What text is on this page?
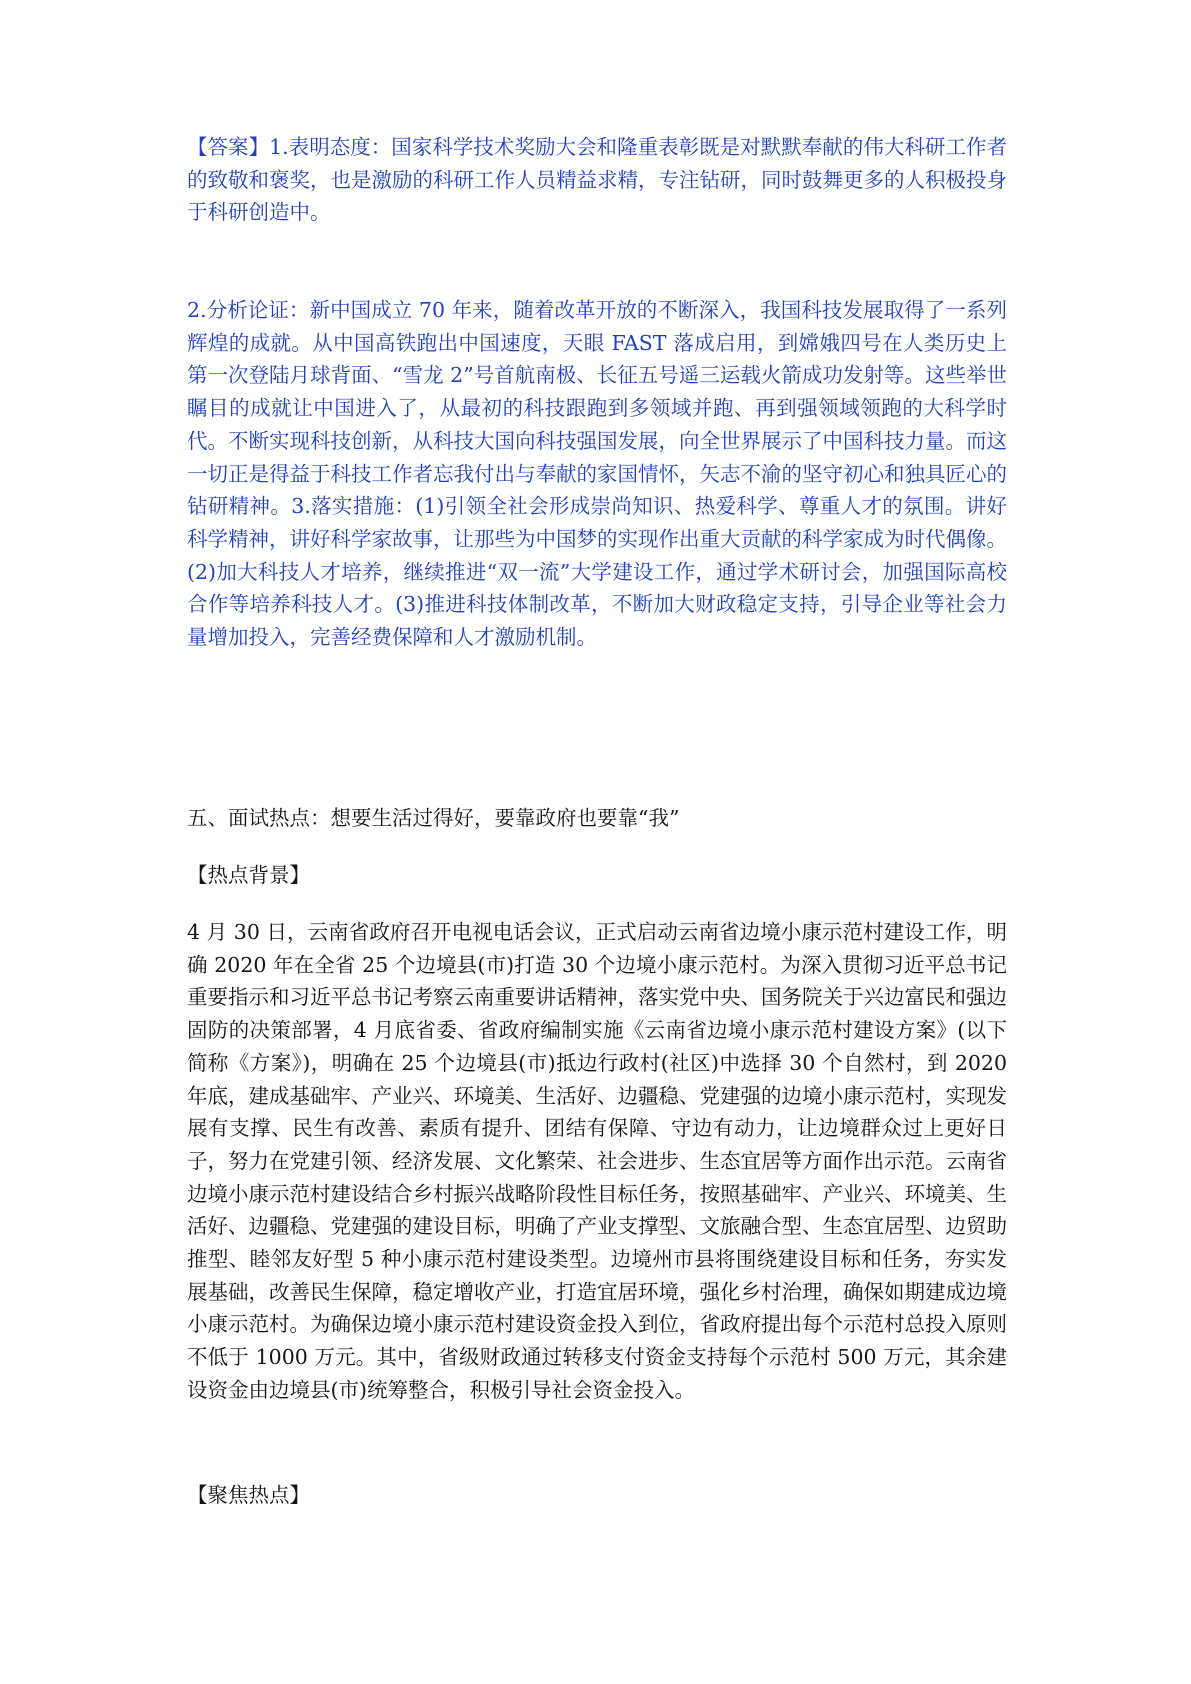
【答案】1.表明态度：国家科学技术奖励大会和隆重表彰既是对默默奉献的伟大科研工作者的致敬和褒奖，也是激励的科研工作人员精益求精，专注钻研，同时鼓舞更多的人积极投身于科研创造中。

2.分析论证：新中国成立 70 年来，随着改革开放的不断深入，我国科技发展取得了一系列辉煌的成就。从中国高铁跑出中国速度，天眼 FAST 落成启用，到嫦娥四号在人类历史上第一次登陆月球背面、“雪龙 2”号首航南极、长征五号遥三运载火箭成功发射等。这些举世瞩目的成就让中国进入了，从最初的科技跟跑到多领域并跑、再到强领域领跑的大科学时代。不断实现科技创新，从科技大国向科技强国发展，向全世界展示了中国科技力量。而这一切正是得益于科技工作者忘我付出与奉献的家国情怀，矢志不渝的坚守初心和独具匠心的钻研精神。3.落实措施：(1)引领全社会形成崇尚知识、热爱科学、尊重人才的氛围。讲好科学精神，讲好科学家故事，让那些为中国梦的实现作出重大贡献的科学家成为时代偶像。(2)加大科技人才培养，继续推进“双一流”大学建设工作，通过学术研讨会，加强国际高校合作等培养科技人才。(3)推进科技体制改革，不断加大财政稳定支持，引导企业等社会力量增加投入，完善经费保障和人才激励机制。

五、面试热点：想要生活过得好，要靠政府也要靠“我”

【热点背景】

4 月 30 日，云南省政府召开电视电话会议，正式启动云南省边境小康示范村建设工作，明确 2020 年在全省 25 个边境县(市)打造 30 个边境小康示范村。为深入贯彻习近平总书记重要指示和习近平总书记考察云南重要讲话精神，落实党中央、国务院关于兴边富民和强边固防的决策部署，4 月底省委、省政府编制实施《云南省边境小康示范村建设方案》(以下简称《方案》)，明确在 25 个边境县(市)抵边行政村(社区)中选择 30 个自然村，到 2020 年底，建成基础牢、产业兴、环境美、生活好、边疆稳、党建强的边境小康示范村，实现发展有支撑、民生有改善、素质有提升、团结有保障、守边有动力，让边境群众过上更好日子，努力在党建引领、经济发展、文化繁荣、社会进步、生态宜居等方面作出示范。云南省边境小康示范村建设结合乡村振兴战略阶段性目标任务，按照基础牢、产业兴、环境美、生活好、边疆稳、党建强的建设目标，明确了产业支撑型、文旅融合型、生态宜居型、边贸助推型、睦邻友好型 5 种小康示范村建设类型。边境州市县将围绕建设目标和任务，夯实发展基础，改善民生保障，稳定增收产业，打造宜居环境，强化乡村治理，确保如期建成边境小康示范村。为确保边境小康示范村建设资金投入到位，省政府提出每个示范村总投入原则不低于 1000 万元。其中，省级财政通过转移支付资金支持每个示范村 500 万元，其余建设资金由边境县(市)统筹整合，积极引导社会资金投入。

【聚焦热点】
